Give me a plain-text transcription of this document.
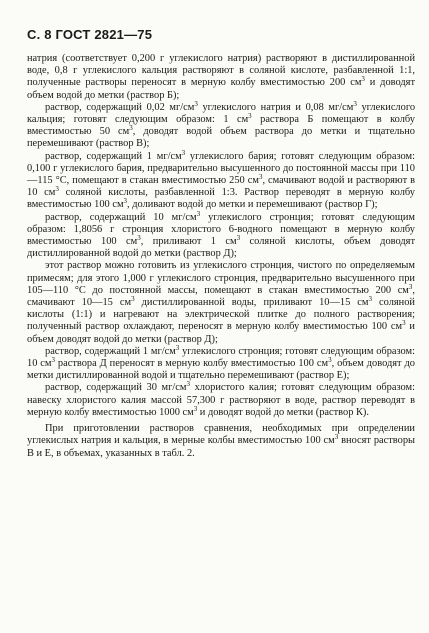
С. 8 ГОСТ 2821—75

натрия (соответствует 0,200 г углекислого натрия) растворяют в дистиллированной воде, 0,8 г углекислого кальция растворяют в соляной кислоте, разбавленной 1:1, полученные растворы переносят в мерную колбу вместимостью 200 $см^3$ и доводят объем водой до метки (раствор Б);

раствор, содержащий 0,02 $мг/см^3$ углекислого натрия и 0,08 $мг/см^3$ углекислого кальция; готовят следующим образом: 1 $см^3$ раствора Б помещают в колбу вместимостью 50 $см^3$, доводят водой объем раствора до метки и тщательно перемешивают (раствор В);

раствор, содержащий 1 $мг/см^3$ углекислого бария; готовят следующим образом: 0,100 г углекислого бария, предварительно высушенного до постоянной массы при 110—115 °С, помещают в стакан вместимостью 250 $см^3$, смачивают водой и растворяют в 10 $см^3$ соляной кислоты, разбавленной 1:3. Раствор переводят в мерную колбу вместимостью 100 $см^3$, доливают водой до метки и перемешивают (раствор Г);

раствор, содержащий 10 $мг/см^3$ углекислого стронция; готовят следующим образом: 1,8056 г стронция хлористого 6-водного помещают в мерную колбу вместимостью 100 $см^3$, приливают 1 $см^3$ соляной кислоты, объем доводят дистиллированной водой до метки (раствор Д);

этот раствор можно готовить из углекислого стронция, чистого по определяемым примесям; для этого 1,000 г углекислого стронция, предварительно высушенного при 105—110 °С до постоянной массы, помещают в стакан вместимостью 200 $см^3$, смачивают 10—15 $см^3$ дистиллированной воды, приливают 10—15 $см^3$ соляной кислоты (1:1) и нагревают на электрической плитке до полного растворения; полученный раствор охлаждают, переносят в мерную колбу вместимостью 100 $см^3$ и объем доводят водой до метки (раствор Д);

раствор, содержащий 1 $мг/см^3$ углекислого стронция; готовят следующим образом: 10 $см^3$ раствора Д переносят в мерную колбу вместимостью 100 $см^3$, объем доводят до метки дистиллированной водой и тщательно перемешивают (раствор Е);

раствор, содержащий 30 $мг/см^3$ хлористого калия; готовят следующим образом: навеску хлористого калия массой 57,300 г растворяют в воде, раствор переводят в мерную колбу вместимостью 1000 $см^3$ и доводят водой до метки (раствор К).

При приготовлении растворов сравнения, необходимых при определении углекислых натрия и кальция, в мерные колбы вместимостью 100 $см^3$ вносят растворы В и Е, в объемах, указанных в табл. 2.
